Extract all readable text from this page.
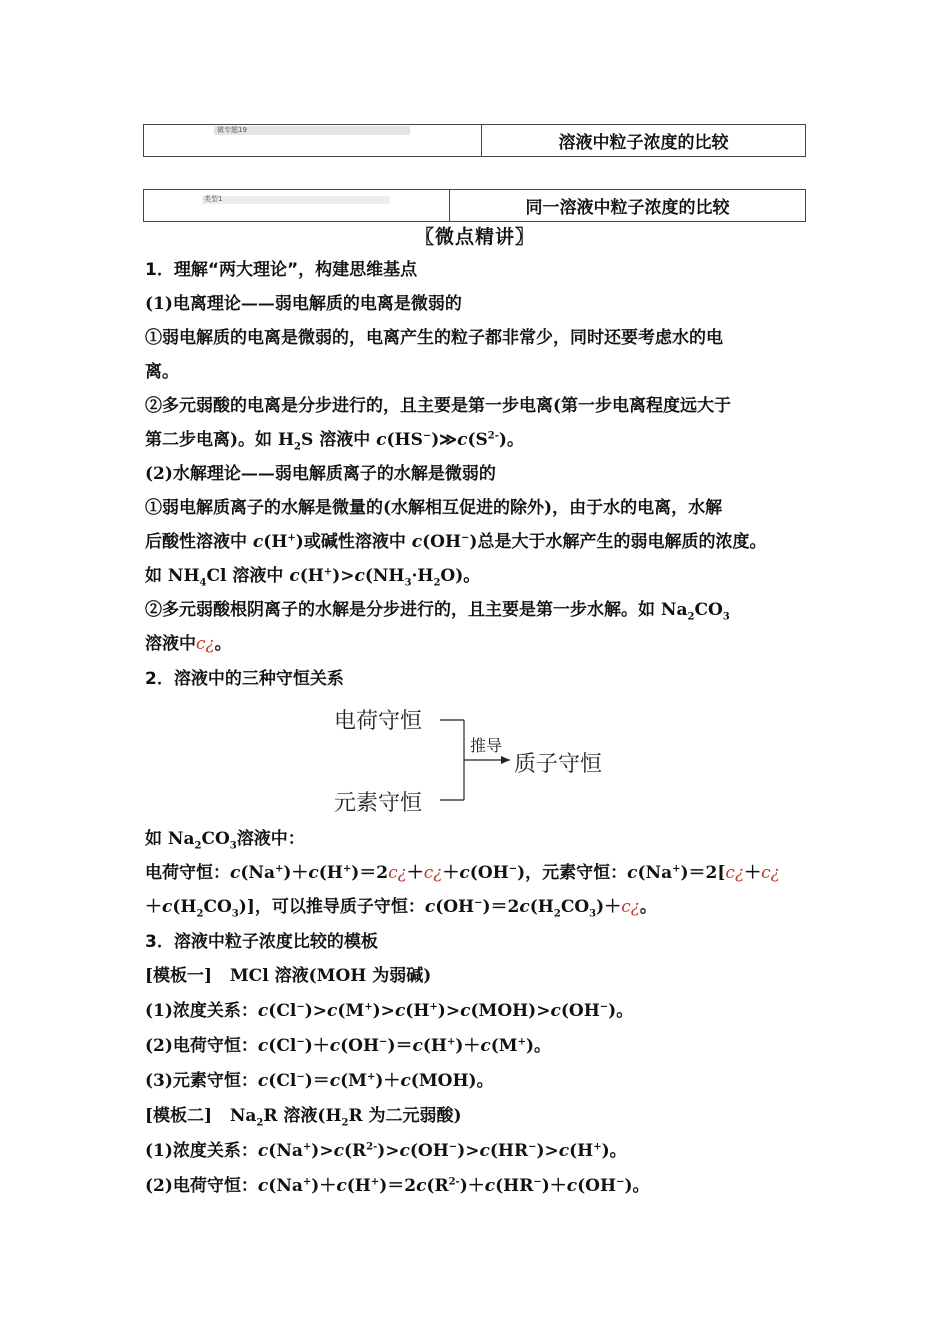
微专题19
溶液中粒子浓度的比较
类型1	同一溶液中粒子浓度的比较
〖微点精讲〗
1．理解“两大理论”，构建思维基点
(1)电离理论——弱电解质的电离是微弱的
①弱电解质的电离是微弱的，电离产生的粒子都非常少，同时还要考虑水的电
离。
②多元弱酸的电离是分步进行的，且主要是第一步电离(第一步电离程度远大于
第二步电离)。如 $H_2S$ 溶液中 $c(HS^-)≫c(S^{2-})$。
(2)水解理论——弱电解质离子的水解是微弱的
①弱电解质离子的水解是微量的(水解相互促进的除外)，由于水的电离，水解
后酸性溶液中 c(H+)或碱性溶液中 c(OH−)总是大于水解产生的弱电解质的浓度。
如 $NH_4Cl$ 溶液中 $c(H^+)>c(NH_3\cdot H_2O)$。
②多元弱酸根阴离子的水解是分步进行的，且主要是第一步水解。如 $Na_2CO_3$
溶液中c¿。
2．溶液中的三种守恒关系
电荷守恒
元素守恒
推导
质子守恒
如 $Na_2CO_3$溶液中：
电荷守恒：c(Na+)＋c(H+)＝2c¿＋c¿＋c(OH−)，元素守恒：c(Na+)＝2[c¿＋c¿
$+c(H_2CO_3)$]，可以推导质子守恒：$c(OH^-)=2c(H_2CO_3)+c¿$。
3．溶液中粒子浓度比较的模板
[模板一] MCl 溶液(MOH 为弱碱)
(1)浓度关系：c(Cl−)>c(M+)>c(H+)>c(MOH)>c(OH−)。
(2)电荷守恒：c(Cl−)＋c(OH−)＝c(H+)＋c(M+)。
(3)元素守恒：c(Cl−)＝c(M+)＋c(MOH)。
[模板二] $Na_2R$ 溶液($H_2R$ 为二元弱酸)
(1)浓度关系：$c(Na^+)>c(R^{2-})>c(OH^-)>c(HR^-)>c(H^+)$。
(2)电荷守恒：$c(Na^+)+c(H^+)=2c(R^{2-})+c(HR^-)+c(OH^-)$。
